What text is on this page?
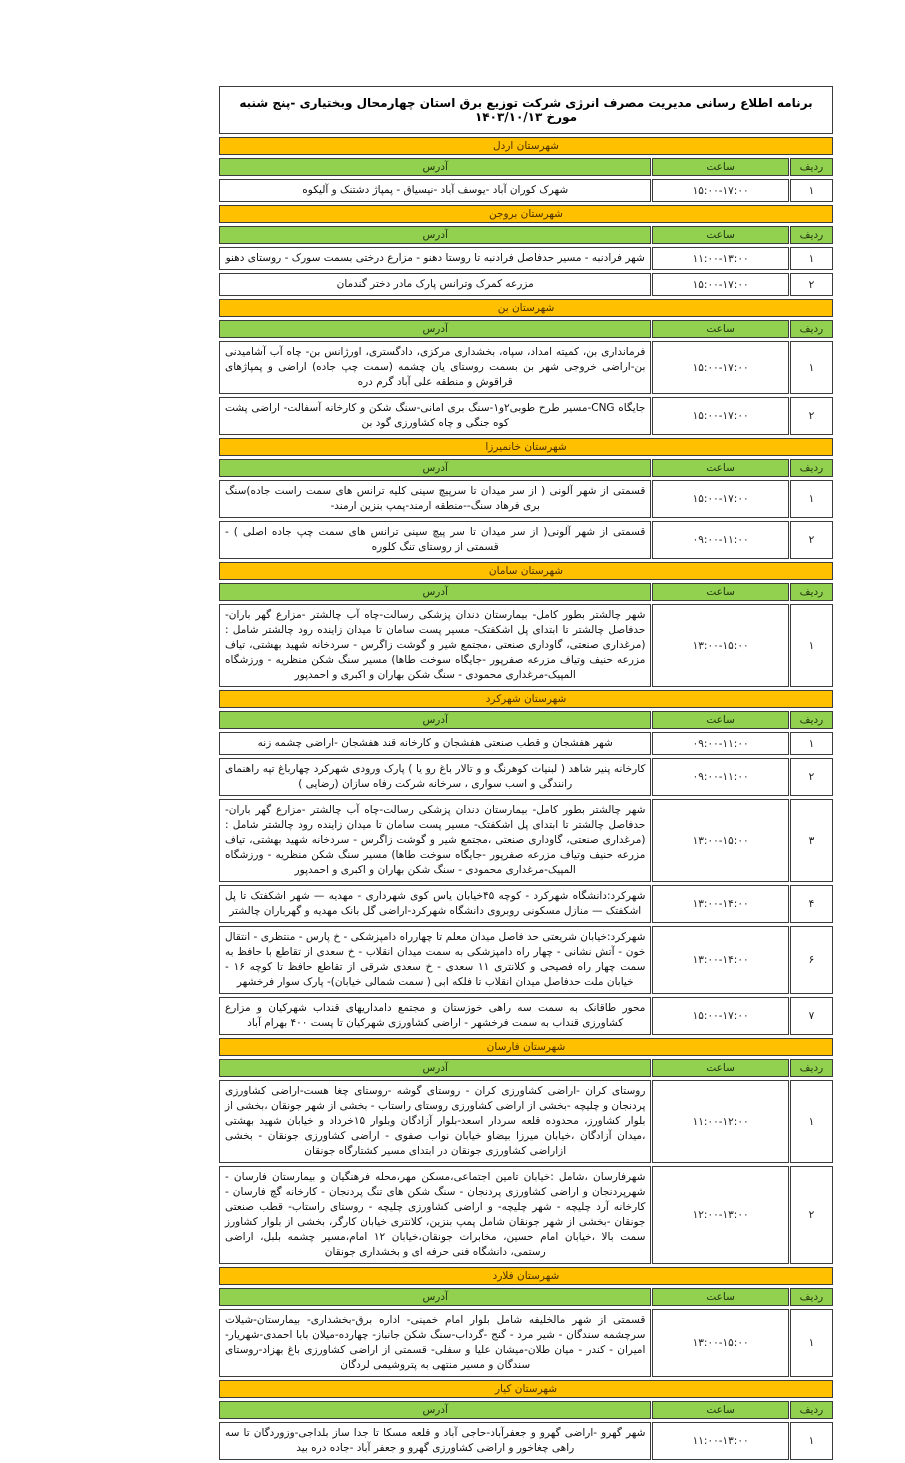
برنامه اطلاع رسانی مدیریت مصرف انرژی شرکت توزیع برق استان چهارمحال وبختیاری -پنج شنبه مورخ ۱۴۰۳/۱۰/۱۳		
شهرستان اردل		
ردیف	ساعت	آدرس
۱	۱۵:۰۰-۱۷:۰۰	شهرک کوران آباد -یوسف آباد -نیسیاق - پمپاژ دشتنک و آلیکوه
شهرستان بروجن		
ردیف	ساعت	آدرس
۱	۱۱:۰۰-۱۳:۰۰	شهر فرادنبه - مسیر حدفاصل فرادنبه تا روستا دهنو - مزارع درختی بسمت سورک - روستای دهنو
۲	۱۵:۰۰-۱۷:۰۰	مزرعه کمرک وترانس پارک مادر دختر گندمان
شهرستان بن		
ردیف	ساعت	آدرس
۱	۱۵:۰۰-۱۷:۰۰	فرمانداری بن، کمیته امداد، سپاه، بخشداری مرکزی، دادگستری، اورژانس بن- چاه آب آشامیدنی بن-اراضی خروجی شهر بن بسمت روستای یان چشمه (سمت چپ جاده) اراضی و پمپاژهای قراقوش و منطقه علی آباد گرم دره
۲	۱۵:۰۰-۱۷:۰۰	جایگاه CNG-مسیر طرح طوبی۲و۱-سنگ بری امانی-سنگ شکن و کارخانه آسفالت- اراضی پشت کوه جنگی و چاه کشاورزی گود بن
شهرستان خانمیرزا		
ردیف	ساعت	آدرس
۱	۱۵:۰۰-۱۷:۰۰	قسمتی از شهر آلونی ( از سر میدان تا سرپیچ سینی کلیه ترانس های سمت راست جاده)سنگ بری فرهاد سنگ--منطقه ارمند-پمپ بنزین ارمند-
۲	۰۹:۰۰-۱۱:۰۰	قسمتی از شهر آلونی( از سر میدان تا سر پیچ سینی ترانس های سمت چپ جاده اصلی ) - قسمتی از روستای تنگ کلوره
شهرستان سامان		
ردیف	ساعت	آدرس
۱	۱۳:۰۰-۱۵:۰۰	شهر چالشتر بطور کامل- بیمارستان دندان پزشکی رسالت-چاه آب چالشتر -مزارع گهر باران-حدفاصل چالشتر تا ابتدای پل اشکفتک- مسیر پست سامان تا میدان زاینده رود چالشتر شامل :(مرغداری صنعتی، گاوداری صنعتی ،مجتمع شیر و گوشت زاگرس - سردخانه شهید بهشتی، تیاف مزرعه حنیف وتیاف مزرعه صفرپور -جایگاه سوخت طاها) مسیر سنگ شکن منظریه - ورزشگاه المپیک-مرغداری محمودی - سنگ شکن بهاران و اکبری و احمدپور
شهرستان شهرکرد		
ردیف	ساعت	آدرس
۱	۰۹:۰۰-۱۱:۰۰	شهر هفشجان و قطب صنعتی هفشجان و کارخانه قند هفشجان -اراضی چشمه زنه
۲	۰۹:۰۰-۱۱:۰۰	کارخانه پنیر شاهد ( لبنیات کوهرنگ و و تالار باغ رو یا ) پارک ورودی شهرکرد چهارباغ تپه راهنمای رانندگی و اسب سواری ، سرخانه شرکت رفاه سازان (رضایی )
۳	۱۳:۰۰-۱۵:۰۰	شهر چالشتر بطور کامل- بیمارستان دندان پزشکی رسالت-چاه آب چالشتر -مزارع گهر باران-حدفاصل چالشتر تا ابتدای پل اشکفتک- مسیر پست سامان تا میدان زاینده رود چالشتر شامل :(مرغداری صنعتی، گاوداری صنعتی ،مجتمع شیر و گوشت زاگرس - سردخانه شهید بهشتی، تیاف مزرعه حنیف وتیاف مزرعه صفرپور -جایگاه سوخت طاها) مسیر سنگ شکن منظریه - ورزشگاه المپیک-مرغداری محمودی - سنگ شکن بهاران و اکبری و احمدپور
۴	۱۳:۰۰-۱۴:۰۰	شهرکرد:دانشگاه شهرکرد - کوچه ۴۵خیابان یاس کوی شهرداری - مهدیه — شهر اشکفتک تا پل اشکفتک — منازل مسکونی روبروی دانشگاه شهرکرد-اراضی گل بانک مهدیه و گهرباران چالشتر
۶	۱۳:۰۰-۱۴:۰۰	شهرکرد:خیابان شریعتی حد فاصل میدان معلم تا چهارراه دامپزشکی - خ پارس - منتظری - انتقال خون - آتش نشانی - چهار راه دامپزشکی به سمت میدان انقلاب - خ سعدی از تقاطع با حافظ به سمت چهار راه فصیحی و کلانتری ۱۱ سعدی - خ سعدی شرقی از تقاطع حافظ تا کوچه ۱۶ - خیابان ملت حدفاصل میدان انقلاب تا فلکه ابی ( سمت شمالی خیابان)- پارک سوار فرخشهر
۷	۱۵:۰۰-۱۷:۰۰	محور طاقانک به سمت سه راهی خوزستان و مجتمع دامداریهای قنداب شهرکیان و مزارع کشاورزی قنداب به سمت فرخشهر - اراضی کشاورزی شهرکیان تا پست ۴۰۰ بهرام آباد
شهرستان فارسان		
ردیف	ساعت	آدرس
۱	۱۱:۰۰-۱۲:۰۰	روستای کران -اراضی کشاورزی کران - روستای گوشه -روستای چغا هست-اراضی کشاورزی پردنجان و چلیچه -بخشی از اراضی کشاورزی روستای راستاب - بخشی از شهر جونقان ،بخشی از بلوار کشاورز، محدوده قلعه سردار اسعد-بلوار آزادگان وبلوار ۱۵خرداد و خیابان شهید بهشتی ،میدان آزادگان ،خیابان میرزا بیضاو خیابان نواب صفوی - اراضی کشاورزی جونقان - بخشی ازاراضی کشاورزی جونقان در ابتدای مسیر کشتارگاه جونقان
۲	۱۲:۰۰-۱۳:۰۰	شهرفارسان ،شامل :خیابان تامین اجتماعی،مسکن مهر،محله فرهنگیان و بیمارستان فارسان - شهرپردنجان و اراضی کشاورزی پردنجان - سنگ شکن های تنگ پردنجان - کارخانه گچ فارسان - کارخانه آرد چلیچه - شهر چلیچه- و اراضی کشاورزی چلیچه - روستای راستاب- قطب صنعتی جونقان -بخشی از شهر جونقان شامل پمپ بنزین، کلانتری خیابان کارگر، بخشی از بلوار کشاورز سمت بالا ،خیابان امام حسین، مخابرات جونقان،خیابان ۱۲ امام،مسیر چشمه بلبل، اراضی رستمی، دانشگاه فنی حرفه ای و بخشداری جونقان
شهرستان فلارد		
ردیف	ساعت	آدرس
۱	۱۳:۰۰-۱۵:۰۰	قسمتی از شهر مالخلیفه شامل بلوار امام خمینی- اداره برق-بخشداری- بیمارستان-شیلات سرچشمه سندگان - شیر مرد - گنج -گرداب-سنگ شکن جانباز- چهارده-میلان بابا احمدی-شهریار-امیران - کندر - میان طلان-میشان علیا و سفلی- قسمتی از اراضی کشاورزی باغ بهزاد-روستای سندگان و مسیر منتهی به پتروشیمی لردگان
شهرستان کیار		
ردیف	ساعت	آدرس
۱	۱۱:۰۰-۱۳:۰۰	شهر گهرو -اراضی گهرو و جعفرآباد-حاجی آباد و قلعه مسکا تا جدا ساز بلداجی-وزوردگان تا سه راهی چغاخور و اراضی کشاورزی گهرو و جعفر آباد -جاده دره بید
